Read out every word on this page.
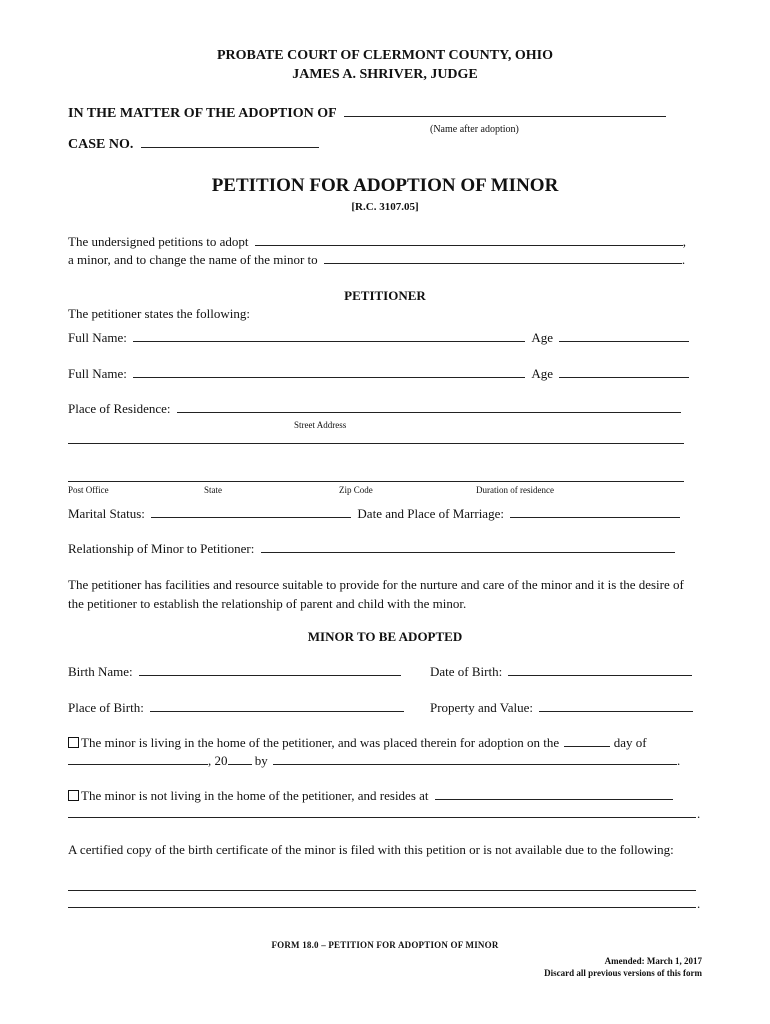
PROBATE COURT OF CLERMONT COUNTY, OHIO
JAMES A. SHRIVER, JUDGE
IN THE MATTER OF THE ADOPTION OF
(Name after adoption)
CASE NO.
PETITION FOR ADOPTION OF MINOR
[R.C. 3107.05]
The undersigned petitions to adopt	,
a minor, and to change the name of the minor to	.
PETITIONER
The petitioner states the following:
Full Name:	Age
Full Name:	Age
Place of Residence:
Street Address
Post Office	State	Zip Code	Duration of residence
Marital Status:	Date and Place of Marriage:
Relationship of Minor to Petitioner:
The petitioner has facilities and resource suitable to provide for the nurture and care of the minor and it is the desire of the petitioner to establish the relationship of parent and child with the minor.
MINOR TO BE ADOPTED
Birth Name:	Date of Birth:
Place of Birth:	Property and Value:
The minor is living in the home of the petitioner, and was placed therein for adoption on the	day of
, 20 by	.
The minor is not living in the home of the petitioner, and resides at
.
A certified copy of the birth certificate of the minor is filed with this petition or is not available due to the following:
.
FORM 18.0 – PETITION FOR ADOPTION OF MINOR
Amended: March 1, 2017
Discard all previous versions of this form
